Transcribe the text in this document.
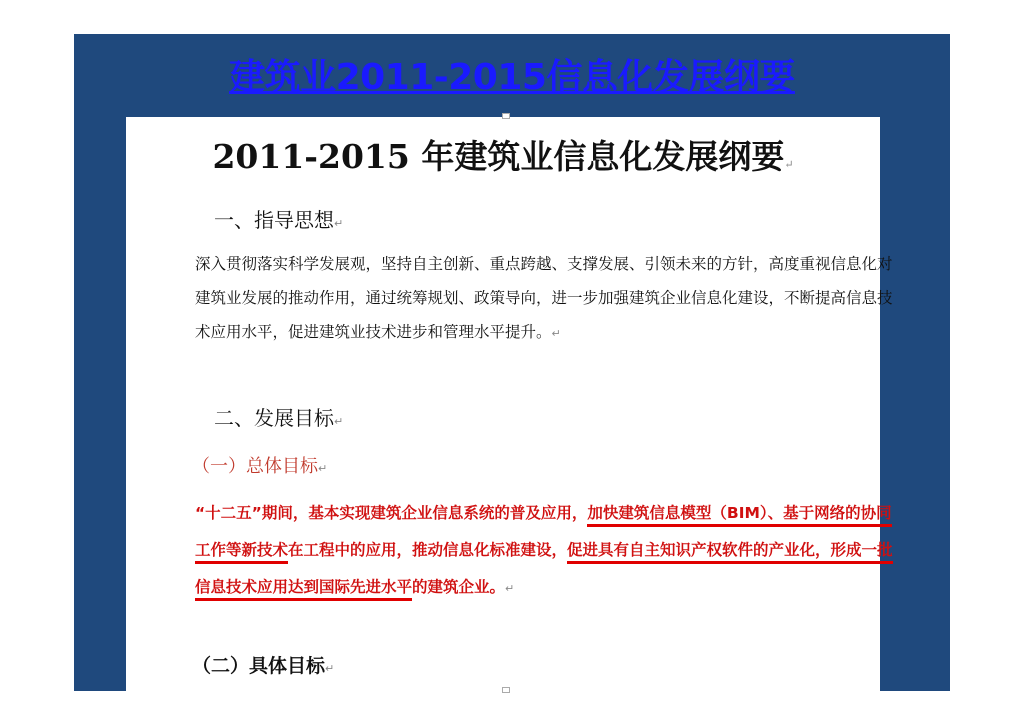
建筑业2011-2015信息化发展纲要
2011-2015 年建筑业信息化发展纲要↵
一、指导思想↵
深入贯彻落实科学发展观，坚持自主创新、重点跨越、支撑发展、引领未来的方针，高度重视信息化对建筑业发展的推动作用，通过统筹规划、政策导向，进一步加强建筑企业信息化建设，不断提高信息技术应用水平，促进建筑业技术进步和管理水平提升。↵
二、发展目标↵
（一）总体目标↵
“十二五”期间，基本实现建筑企业信息系统的普及应用，加快建筑信息模型（BIM）、基于网络的协同工作等新技术在工程中的应用，推动信息化标准建设，促进具有自主知识产权软件的产业化，形成一批信息技术应用达到国际先进水平的建筑企业。↵
（二）具体目标↵
